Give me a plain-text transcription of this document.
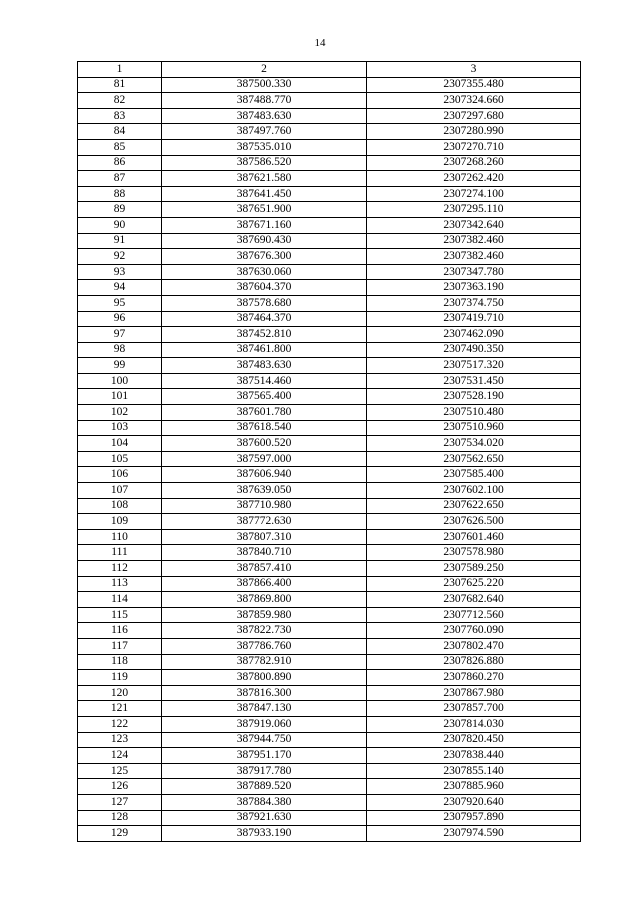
14
1	2	3
81	387500.330	2307355.480
82	387488.770	2307324.660
83	387483.630	2307297.680
84	387497.760	2307280.990
85	387535.010	2307270.710
86	387586.520	2307268.260
87	387621.580	2307262.420
88	387641.450	2307274.100
89	387651.900	2307295.110
90	387671.160	2307342.640
91	387690.430	2307382.460
92	387676.300	2307382.460
93	387630.060	2307347.780
94	387604.370	2307363.190
95	387578.680	2307374.750
96	387464.370	2307419.710
97	387452.810	2307462.090
98	387461.800	2307490.350
99	387483.630	2307517.320
100	387514.460	2307531.450
101	387565.400	2307528.190
102	387601.780	2307510.480
103	387618.540	2307510.960
104	387600.520	2307534.020
105	387597.000	2307562.650
106	387606.940	2307585.400
107	387639.050	2307602.100
108	387710.980	2307622.650
109	387772.630	2307626.500
110	387807.310	2307601.460
111	387840.710	2307578.980
112	387857.410	2307589.250
113	387866.400	2307625.220
114	387869.800	2307682.640
115	387859.980	2307712.560
116	387822.730	2307760.090
117	387786.760	2307802.470
118	387782.910	2307826.880
119	387800.890	2307860.270
120	387816.300	2307867.980
121	387847.130	2307857.700
122	387919.060	2307814.030
123	387944.750	2307820.450
124	387951.170	2307838.440
125	387917.780	2307855.140
126	387889.520	2307885.960
127	387884.380	2307920.640
128	387921.630	2307957.890
129	387933.190	2307974.590
